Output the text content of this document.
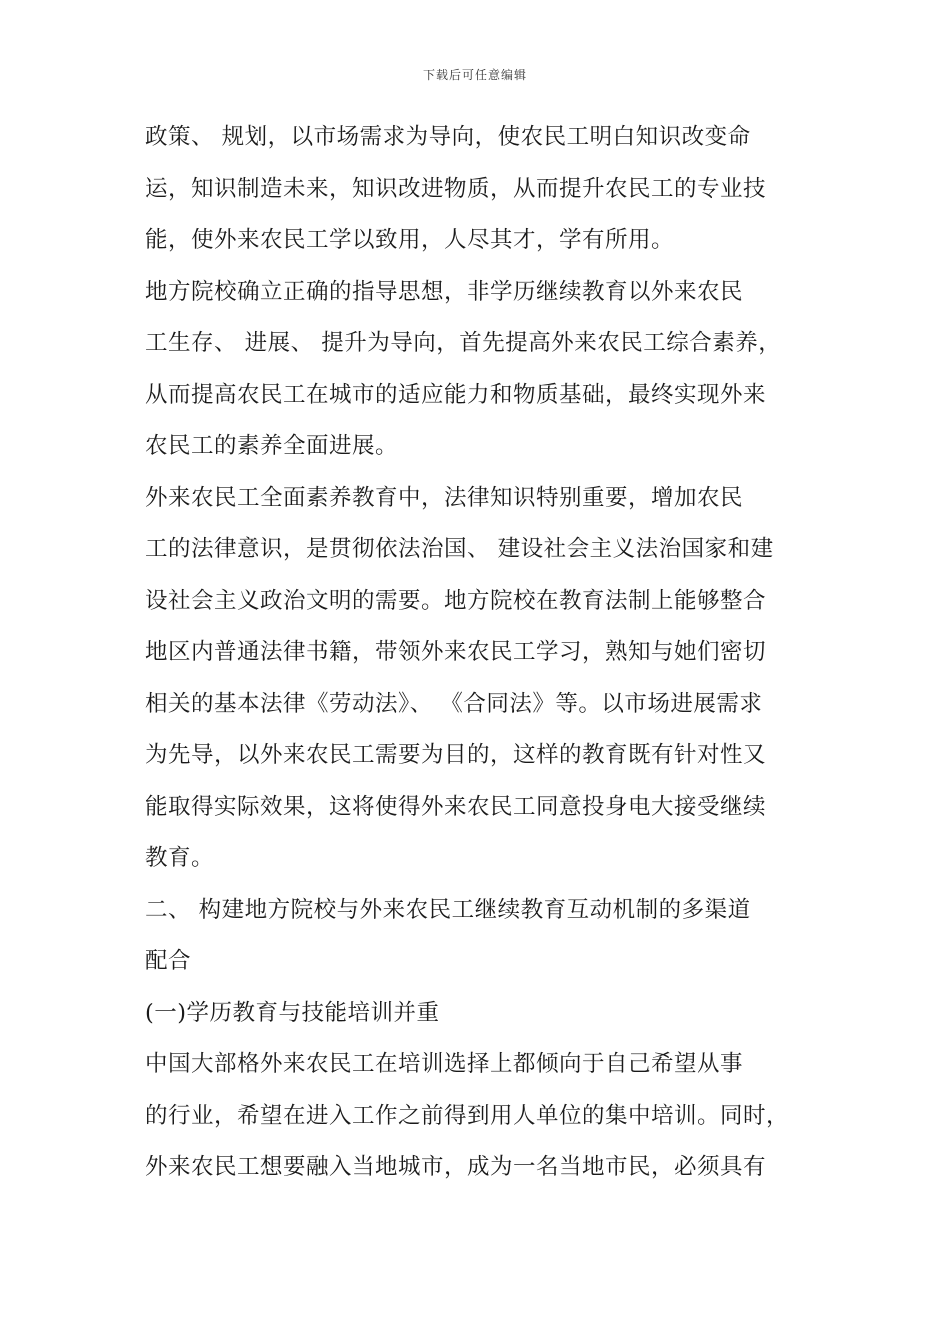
下载后可任意编辑
政策、 规划，以市场需求为导向，使农民工明白知识改变命
运，知识制造未来，知识改进物质，从而提升农民工的专业技
能，使外来农民工学以致用，人尽其才，学有所用。
地方院校确立正确的指导思想，非学历继续教育以外来农民
工生存、 进展、 提升为导向，首先提高外来农民工综合素养，
从而提高农民工在城市的适应能力和物质基础，最终实现外来
农民工的素养全面进展。
外来农民工全面素养教育中，法律知识特别重要，增加农民
工的法律意识，是贯彻依法治国、 建设社会主义法治国家和建
设社会主义政治文明的需要。地方院校在教育法制上能够整合
地区内普通法律书籍，带领外来农民工学习，熟知与她们密切
相关的基本法律《劳动法》、 《合同法》等。以市场进展需求
为先导，以外来农民工需要为目的，这样的教育既有针对性又
能取得实际效果，这将使得外来农民工同意投身电大接受继续
教育。
二、 构建地方院校与外来农民工继续教育互动机制的多渠道
配合
(一)学历教育与技能培训并重
中国大部格外来农民工在培训选择上都倾向于自己希望从事
的行业，希望在进入工作之前得到用人单位的集中培训。同时，
外来农民工想要融入当地城市，成为一名当地市民，必须具有
